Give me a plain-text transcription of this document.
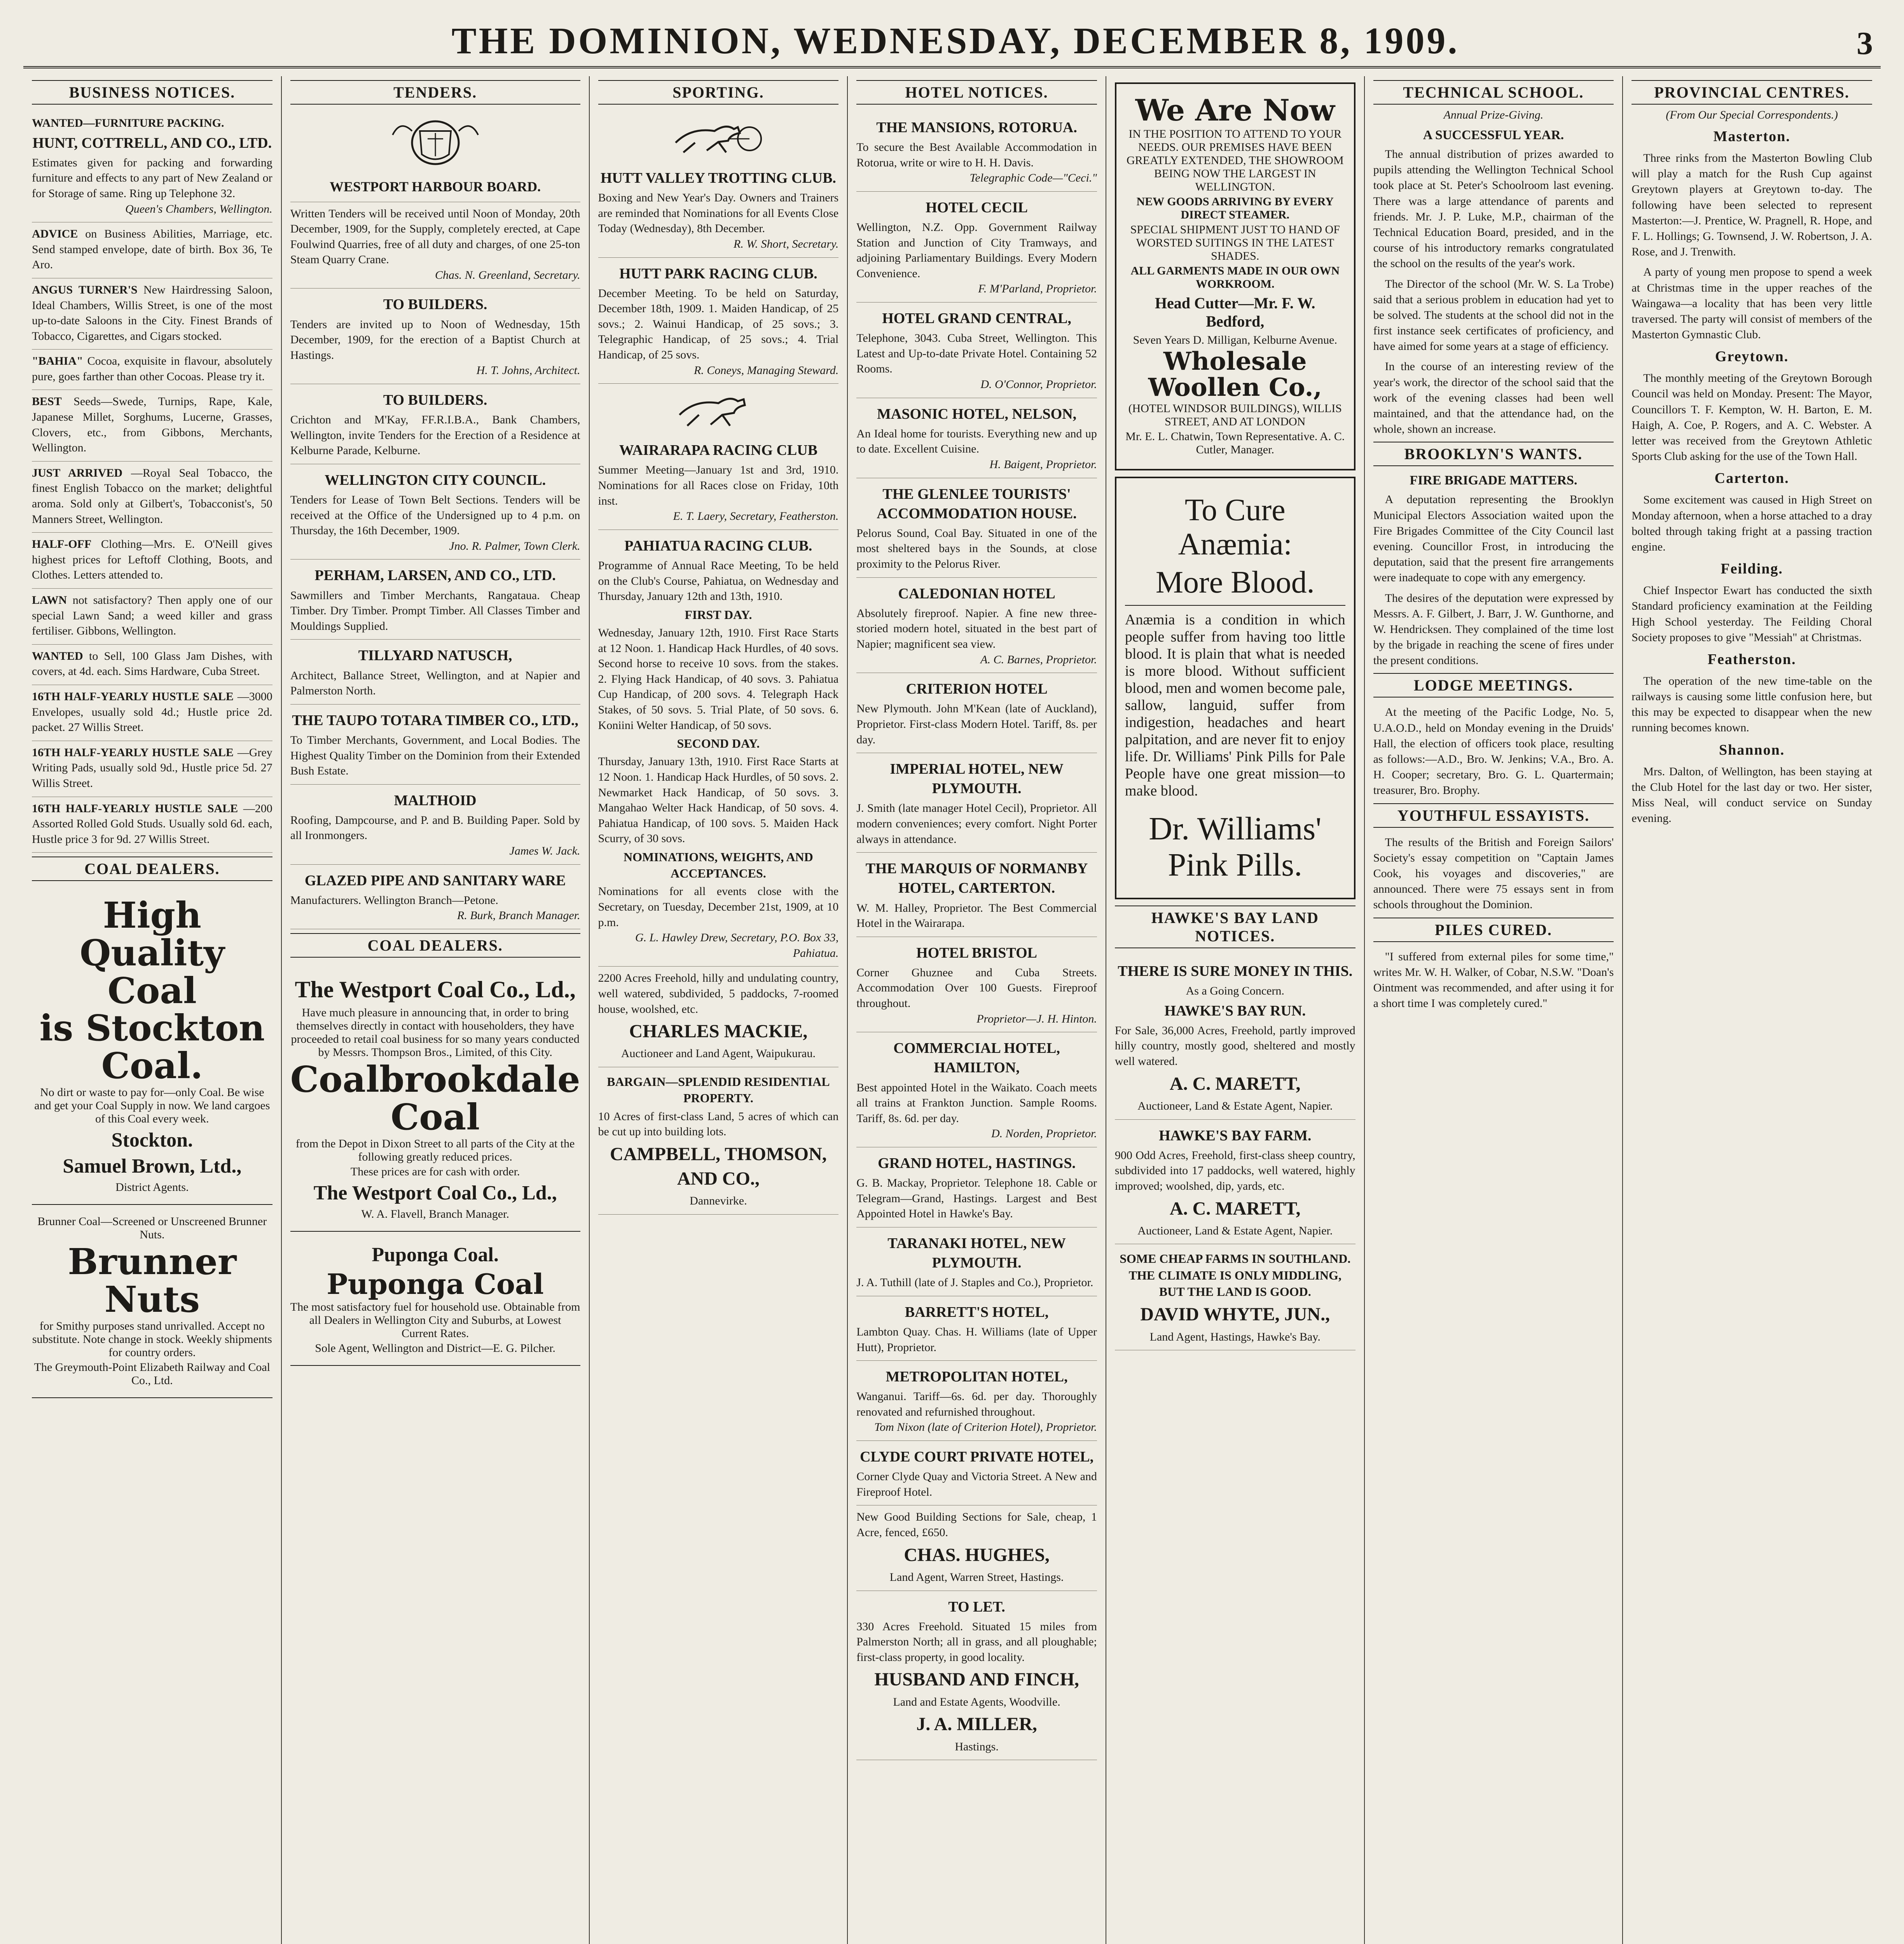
THE DOMINION, WEDNESDAY, DECEMBER 8, 1909.	3
BUSINESS NOTICES.
WANTED—FURNITURE PACKING.
HUNT, COTTRELL, AND CO., LTD.
Estimates given for packing and forwarding furniture and effects to any part of New Zealand or for Storage of same. Ring up Telephone 32.
Queen's Chambers, Wellington.
ADVICE on Business Abilities, Marriage, etc. Send stamped envelope, date of birth. Box 36, Te Aro.
ANGUS TURNER'S New Hairdressing Saloon, Ideal Chambers, Willis Street, is one of the most up-to-date Saloons in the City. Finest Brands of Tobacco, Cigarettes, and Cigars stocked.
"BAHIA" Cocoa, exquisite in flavour, absolutely pure, goes farther than other Cocoas. Please try it.
BEST Seeds—Swede, Turnips, Rape, Kale, Japanese Millet, Sorghums, Lucerne, Grasses, Clovers, etc., from Gibbons, Merchants, Wellington.
JUST ARRIVED —Royal Seal Tobacco, the finest English Tobacco on the market; delightful aroma. Sold only at Gilbert's, Tobacconist's, 50 Manners Street, Wellington.
HALF-OFF Clothing—Mrs. E. O'Neill gives highest prices for Leftoff Clothing, Boots, and Clothes. Letters attended to.
LAWN not satisfactory? Then apply one of our special Lawn Sand; a weed killer and grass fertiliser. Gibbons, Wellington.
WANTED to Sell, 100 Glass Jam Dishes, with covers, at 4d. each. Sims Hardware, Cuba Street.
16TH HALF-YEARLY HUSTLE SALE —3000 Envelopes, usually sold 4d.; Hustle price 2d. packet. 27 Willis Street.
16TH HALF-YEARLY HUSTLE SALE —Grey Writing Pads, usually sold 9d., Hustle price 5d. 27 Willis Street.
16TH HALF-YEARLY HUSTLE SALE —200 Assorted Rolled Gold Studs. Usually sold 6d. each, Hustle price 3 for 9d. 27 Willis Street.
COAL DEALERS.
High Quality Coal
is Stockton Coal.
No dirt or waste to pay for—only Coal. Be wise and get your Coal Supply in now. We land cargoes of this Coal every week.
Stockton.
Samuel Brown, Ltd.,
District Agents.
Brunner Coal—Screened or Unscreened Brunner Nuts.
Brunner Nuts
for Smithy purposes stand unrivalled. Accept no substitute. Note change in stock. Weekly shipments for country orders.
The Greymouth-Point Elizabeth Railway and Coal Co., Ltd.
TENDERS.
WESTPORT HARBOUR BOARD.
Written Tenders will be received until Noon of Monday, 20th December, 1909, for the Supply, completely erected, at Cape Foulwind Quarries, free of all duty and charges, of one 25-ton Steam Quarry Crane.
Chas. N. Greenland, Secretary.
TO BUILDERS.
Tenders are invited up to Noon of Wednesday, 15th December, 1909, for the erection of a Baptist Church at Hastings.
H. T. Johns, Architect.
TO BUILDERS.
Crichton and M'Kay, FF.R.I.B.A., Bank Chambers, Wellington, invite Tenders for the Erection of a Residence at Kelburne Parade, Kelburne.
WELLINGTON CITY COUNCIL.
Tenders for Lease of Town Belt Sections. Tenders will be received at the Office of the Undersigned up to 4 p.m. on Thursday, the 16th December, 1909.
Jno. R. Palmer, Town Clerk.
PERHAM, LARSEN, AND CO., LTD.
Sawmillers and Timber Merchants, Rangataua. Cheap Timber. Dry Timber. Prompt Timber. All Classes Timber and Mouldings Supplied.
TILLYARD NATUSCH,
Architect, Ballance Street, Wellington, and at Napier and Palmerston North.
THE TAUPO TOTARA TIMBER CO., LTD.,
To Timber Merchants, Government, and Local Bodies. The Highest Quality Timber on the Dominion from their Extended Bush Estate.
MALTHOID
Roofing, Dampcourse, and P. and B. Building Paper. Sold by all Ironmongers.
James W. Jack.
GLAZED PIPE AND SANITARY WARE
Manufacturers. Wellington Branch—Petone.
R. Burk, Branch Manager.
COAL DEALERS.
The Westport Coal Co., Ld.,
Have much pleasure in announcing that, in order to bring themselves directly in contact with householders, they have proceeded to retail coal business for so many years conducted by Messrs. Thompson Bros., Limited, of this City.
Coalbrookdale Coal
from the Depot in Dixon Street to all parts of the City at the following greatly reduced prices.
These prices are for cash with order.
The Westport Coal Co., Ld.,
W. A. Flavell, Branch Manager.
Puponga Coal.
Puponga Coal
The most satisfactory fuel for household use. Obtainable from all Dealers in Wellington City and Suburbs, at Lowest Current Rates.
Sole Agent, Wellington and District—E. G. Pilcher.
SPORTING.
HUTT VALLEY TROTTING CLUB.
Boxing and New Year's Day. Owners and Trainers are reminded that Nominations for all Events Close Today (Wednesday), 8th December.
R. W. Short, Secretary.
HUTT PARK RACING CLUB.
December Meeting. To be held on Saturday, December 18th, 1909. 1. Maiden Handicap, of 25 sovs.; 2. Wainui Handicap, of 25 sovs.; 3. Telegraphic Handicap, of 25 sovs.; 4. Trial Handicap, of 25 sovs.
R. Coneys, Managing Steward.
WAIRARAPA RACING CLUB
Summer Meeting—January 1st and 3rd, 1910. Nominations for all Races close on Friday, 10th inst.
E. T. Laery, Secretary, Featherston.
PAHIATUA RACING CLUB.
Programme of Annual Race Meeting, To be held on the Club's Course, Pahiatua, on Wednesday and Thursday, January 12th and 13th, 1910.
FIRST DAY.
Wednesday, January 12th, 1910. First Race Starts at 12 Noon. 1. Handicap Hack Hurdles, of 40 sovs. Second horse to receive 10 sovs. from the stakes. 2. Flying Hack Handicap, of 40 sovs. 3. Pahiatua Cup Handicap, of 200 sovs. 4. Telegraph Hack Stakes, of 50 sovs. 5. Trial Plate, of 50 sovs. 6. Koniini Welter Handicap, of 50 sovs.
SECOND DAY.
Thursday, January 13th, 1910. First Race Starts at 12 Noon. 1. Handicap Hack Hurdles, of 50 sovs. 2. Newmarket Hack Handicap, of 50 sovs. 3. Mangahao Welter Hack Handicap, of 50 sovs. 4. Pahiatua Handicap, of 100 sovs. 5. Maiden Hack Scurry, of 30 sovs.
NOMINATIONS, WEIGHTS, AND ACCEPTANCES.
Nominations for all events close with the Secretary, on Tuesday, December 21st, 1909, at 10 p.m.
G. L. Hawley Drew, Secretary, P.O. Box 33, Pahiatua.
2200 Acres Freehold, hilly and undulating country, well watered, subdivided, 5 paddocks, 7-roomed house, woolshed, etc.
CHARLES MACKIE,
Auctioneer and Land Agent, Waipukurau.
BARGAIN—SPLENDID RESIDENTIAL PROPERTY.
10 Acres of first-class Land, 5 acres of which can be cut up into building lots.
CAMPBELL, THOMSON, AND CO.,
Dannevirke.
HOTEL NOTICES.
THE MANSIONS, ROTORUA.
To secure the Best Available Accommodation in Rotorua, write or wire to H. H. Davis.
Telegraphic Code—"Ceci."
HOTEL CECIL
Wellington, N.Z. Opp. Government Railway Station and Junction of City Tramways, and adjoining Parliamentary Buildings. Every Modern Convenience.
F. M'Parland, Proprietor.
HOTEL GRAND CENTRAL,
Telephone, 3043. Cuba Street, Wellington. This Latest and Up-to-date Private Hotel. Containing 52 Rooms.
D. O'Connor, Proprietor.
MASONIC HOTEL, NELSON,
An Ideal home for tourists. Everything new and up to date. Excellent Cuisine.
H. Baigent, Proprietor.
THE GLENLEE TOURISTS' ACCOMMODATION HOUSE.
Pelorus Sound, Coal Bay. Situated in one of the most sheltered bays in the Sounds, at close proximity to the Pelorus River.
CALEDONIAN HOTEL
Absolutely fireproof. Napier. A fine new three-storied modern hotel, situated in the best part of Napier; magnificent sea view.
A. C. Barnes, Proprietor.
CRITERION HOTEL
New Plymouth. John M'Kean (late of Auckland), Proprietor. First-class Modern Hotel. Tariff, 8s. per day.
IMPERIAL HOTEL, NEW PLYMOUTH.
J. Smith (late manager Hotel Cecil), Proprietor. All modern conveniences; every comfort. Night Porter always in attendance.
THE MARQUIS OF NORMANBY HOTEL, CARTERTON.
W. M. Halley, Proprietor. The Best Commercial Hotel in the Wairarapa.
HOTEL BRISTOL
Corner Ghuznee and Cuba Streets. Accommodation Over 100 Guests. Fireproof throughout.
Proprietor—J. H. Hinton.
COMMERCIAL HOTEL, HAMILTON,
Best appointed Hotel in the Waikato. Coach meets all trains at Frankton Junction. Sample Rooms. Tariff, 8s. 6d. per day.
D. Norden, Proprietor.
GRAND HOTEL, HASTINGS.
G. B. Mackay, Proprietor. Telephone 18. Cable or Telegram—Grand, Hastings. Largest and Best Appointed Hotel in Hawke's Bay.
TARANAKI HOTEL, NEW PLYMOUTH.
J. A. Tuthill (late of J. Staples and Co.), Proprietor.
BARRETT'S HOTEL,
Lambton Quay. Chas. H. Williams (late of Upper Hutt), Proprietor.
METROPOLITAN HOTEL,
Wanganui. Tariff—6s. 6d. per day. Thoroughly renovated and refurnished throughout.
Tom Nixon (late of Criterion Hotel), Proprietor.
CLYDE COURT PRIVATE HOTEL,
Corner Clyde Quay and Victoria Street. A New and Fireproof Hotel.
New Good Building Sections for Sale, cheap, 1 Acre, fenced, £650.
CHAS. HUGHES,
Land Agent, Warren Street, Hastings.
TO LET.
330 Acres Freehold. Situated 15 miles from Palmerston North; all in grass, and all ploughable; first-class property, in good locality.
HUSBAND AND FINCH,
Land and Estate Agents, Woodville.
J. A. MILLER,
Hastings.
We Are Now
IN THE POSITION TO ATTEND TO YOUR NEEDS. OUR PREMISES HAVE BEEN GREATLY EXTENDED, THE SHOWROOM BEING NOW THE LARGEST IN WELLINGTON.
NEW GOODS ARRIVING BY EVERY DIRECT STEAMER.
SPECIAL SHIPMENT JUST TO HAND OF WORSTED SUITINGS IN THE LATEST SHADES.
ALL GARMENTS MADE IN OUR OWN WORKROOM.
Head Cutter—Mr. F. W. Bedford,
Seven Years D. Milligan, Kelburne Avenue.
Wholesale Woollen Co.,
(HOTEL WINDSOR BUILDINGS), WILLIS STREET, AND AT LONDON
Mr. E. L. Chatwin, Town Representative. A. C. Cutler, Manager.
To Cure Anæmia:
More Blood.
Anæmia is a condition in which people suffer from having too little blood. It is plain that what is needed is more blood. Without sufficient blood, men and women become pale, sallow, languid, suffer from indigestion, headaches and heart palpitation, and are never fit to enjoy life. Dr. Williams' Pink Pills for Pale People have one great mission—to make blood.
Dr. Williams' Pink Pills.
HAWKE'S BAY LAND NOTICES.
THERE IS SURE MONEY IN THIS.
As a Going Concern.
HAWKE'S BAY RUN.
For Sale, 36,000 Acres, Freehold, partly improved hilly country, mostly good, sheltered and mostly well watered.
A. C. MARETT,
Auctioneer, Land & Estate Agent, Napier.
HAWKE'S BAY FARM.
900 Odd Acres, Freehold, first-class sheep country, subdivided into 17 paddocks, well watered, highly improved; woolshed, dip, yards, etc.
A. C. MARETT,
Auctioneer, Land & Estate Agent, Napier.
SOME CHEAP FARMS IN SOUTHLAND. THE CLIMATE IS ONLY MIDDLING, BUT THE LAND IS GOOD.
DAVID WHYTE, JUN.,
Land Agent, Hastings, Hawke's Bay.
TECHNICAL SCHOOL.
Annual Prize-Giving.
A SUCCESSFUL YEAR.

The annual distribution of prizes awarded to pupils attending the Wellington Technical School took place at St. Peter's Schoolroom last evening. There was a large attendance of parents and friends. Mr. J. P. Luke, M.P., chairman of the Technical Education Board, presided, and in the course of his introductory remarks congratulated the school on the results of the year's work.

The Director of the school (Mr. W. S. La Trobe) said that a serious problem in education had yet to be solved. The students at the school did not in the first instance seek certificates of proficiency, and have aimed for some years at a stage of efficiency.

In the course of an interesting review of the year's work, the director of the school said that the work of the evening classes had been well maintained, and that the attendance had, on the whole, shown an increase.

BROOKLYN'S WANTS.
FIRE BRIGADE MATTERS.

A deputation representing the Brooklyn Municipal Electors Association waited upon the Fire Brigades Committee of the City Council last evening. Councillor Frost, in introducing the deputation, said that the present fire arrangements were inadequate to cope with any emergency.

The desires of the deputation were expressed by Messrs. A. F. Gilbert, J. Barr, J. W. Gunthorne, and W. Hendricksen. They complained of the time lost by the brigade in reaching the scene of fires under the present conditions.

LODGE MEETINGS.

At the meeting of the Pacific Lodge, No. 5, U.A.O.D., held on Monday evening in the Druids' Hall, the election of officers took place, resulting as follows:—A.D., Bro. W. Jenkins; V.A., Bro. A. H. Cooper; secretary, Bro. G. L. Quartermain; treasurer, Bro. Brophy.

YOUTHFUL ESSAYISTS.

The results of the British and Foreign Sailors' Society's essay competition on "Captain James Cook, his voyages and discoveries," are announced. There were 75 essays sent in from schools throughout the Dominion.

PILES CURED.

"I suffered from external piles for some time," writes Mr. W. H. Walker, of Cobar, N.S.W. "Doan's Ointment was recommended, and after using it for a short time I was completely cured."

PROVINCIAL CENTRES.
(From Our Special Correspondents.)
Masterton.

Three rinks from the Masterton Bowling Club will play a match for the Rush Cup against Greytown players at Greytown to-day. The following have been selected to represent Masterton:—J. Prentice, W. Pragnell, R. Hope, and F. L. Hollings; G. Townsend, J. W. Robertson, J. A. Rose, and J. Trenwith.

A party of young men propose to spend a week at Christmas time in the upper reaches of the Waingawa—a locality that has been very little traversed. The party will consist of members of the Masterton Gymnastic Club.

Greytown.

The monthly meeting of the Greytown Borough Council was held on Monday. Present: The Mayor, Councillors T. F. Kempton, W. H. Barton, E. M. Haigh, A. Coe, P. Rogers, and A. C. Webster. A letter was received from the Greytown Athletic Sports Club asking for the use of the Town Hall.

Carterton.

Some excitement was caused in High Street on Monday afternoon, when a horse attached to a dray bolted through taking fright at a passing traction engine.

Feilding.

Chief Inspector Ewart has conducted the sixth Standard proficiency examination at the Feilding High School yesterday. The Feilding Choral Society proposes to give "Messiah" at Christmas.

Featherston.

The operation of the new time-table on the railways is causing some little confusion here, but this may be expected to disappear when the new running becomes known.

Shannon.

Mrs. Dalton, of Wellington, has been staying at the Club Hotel for the last day or two. Her sister, Miss Neal, will conduct service on Sunday evening.
